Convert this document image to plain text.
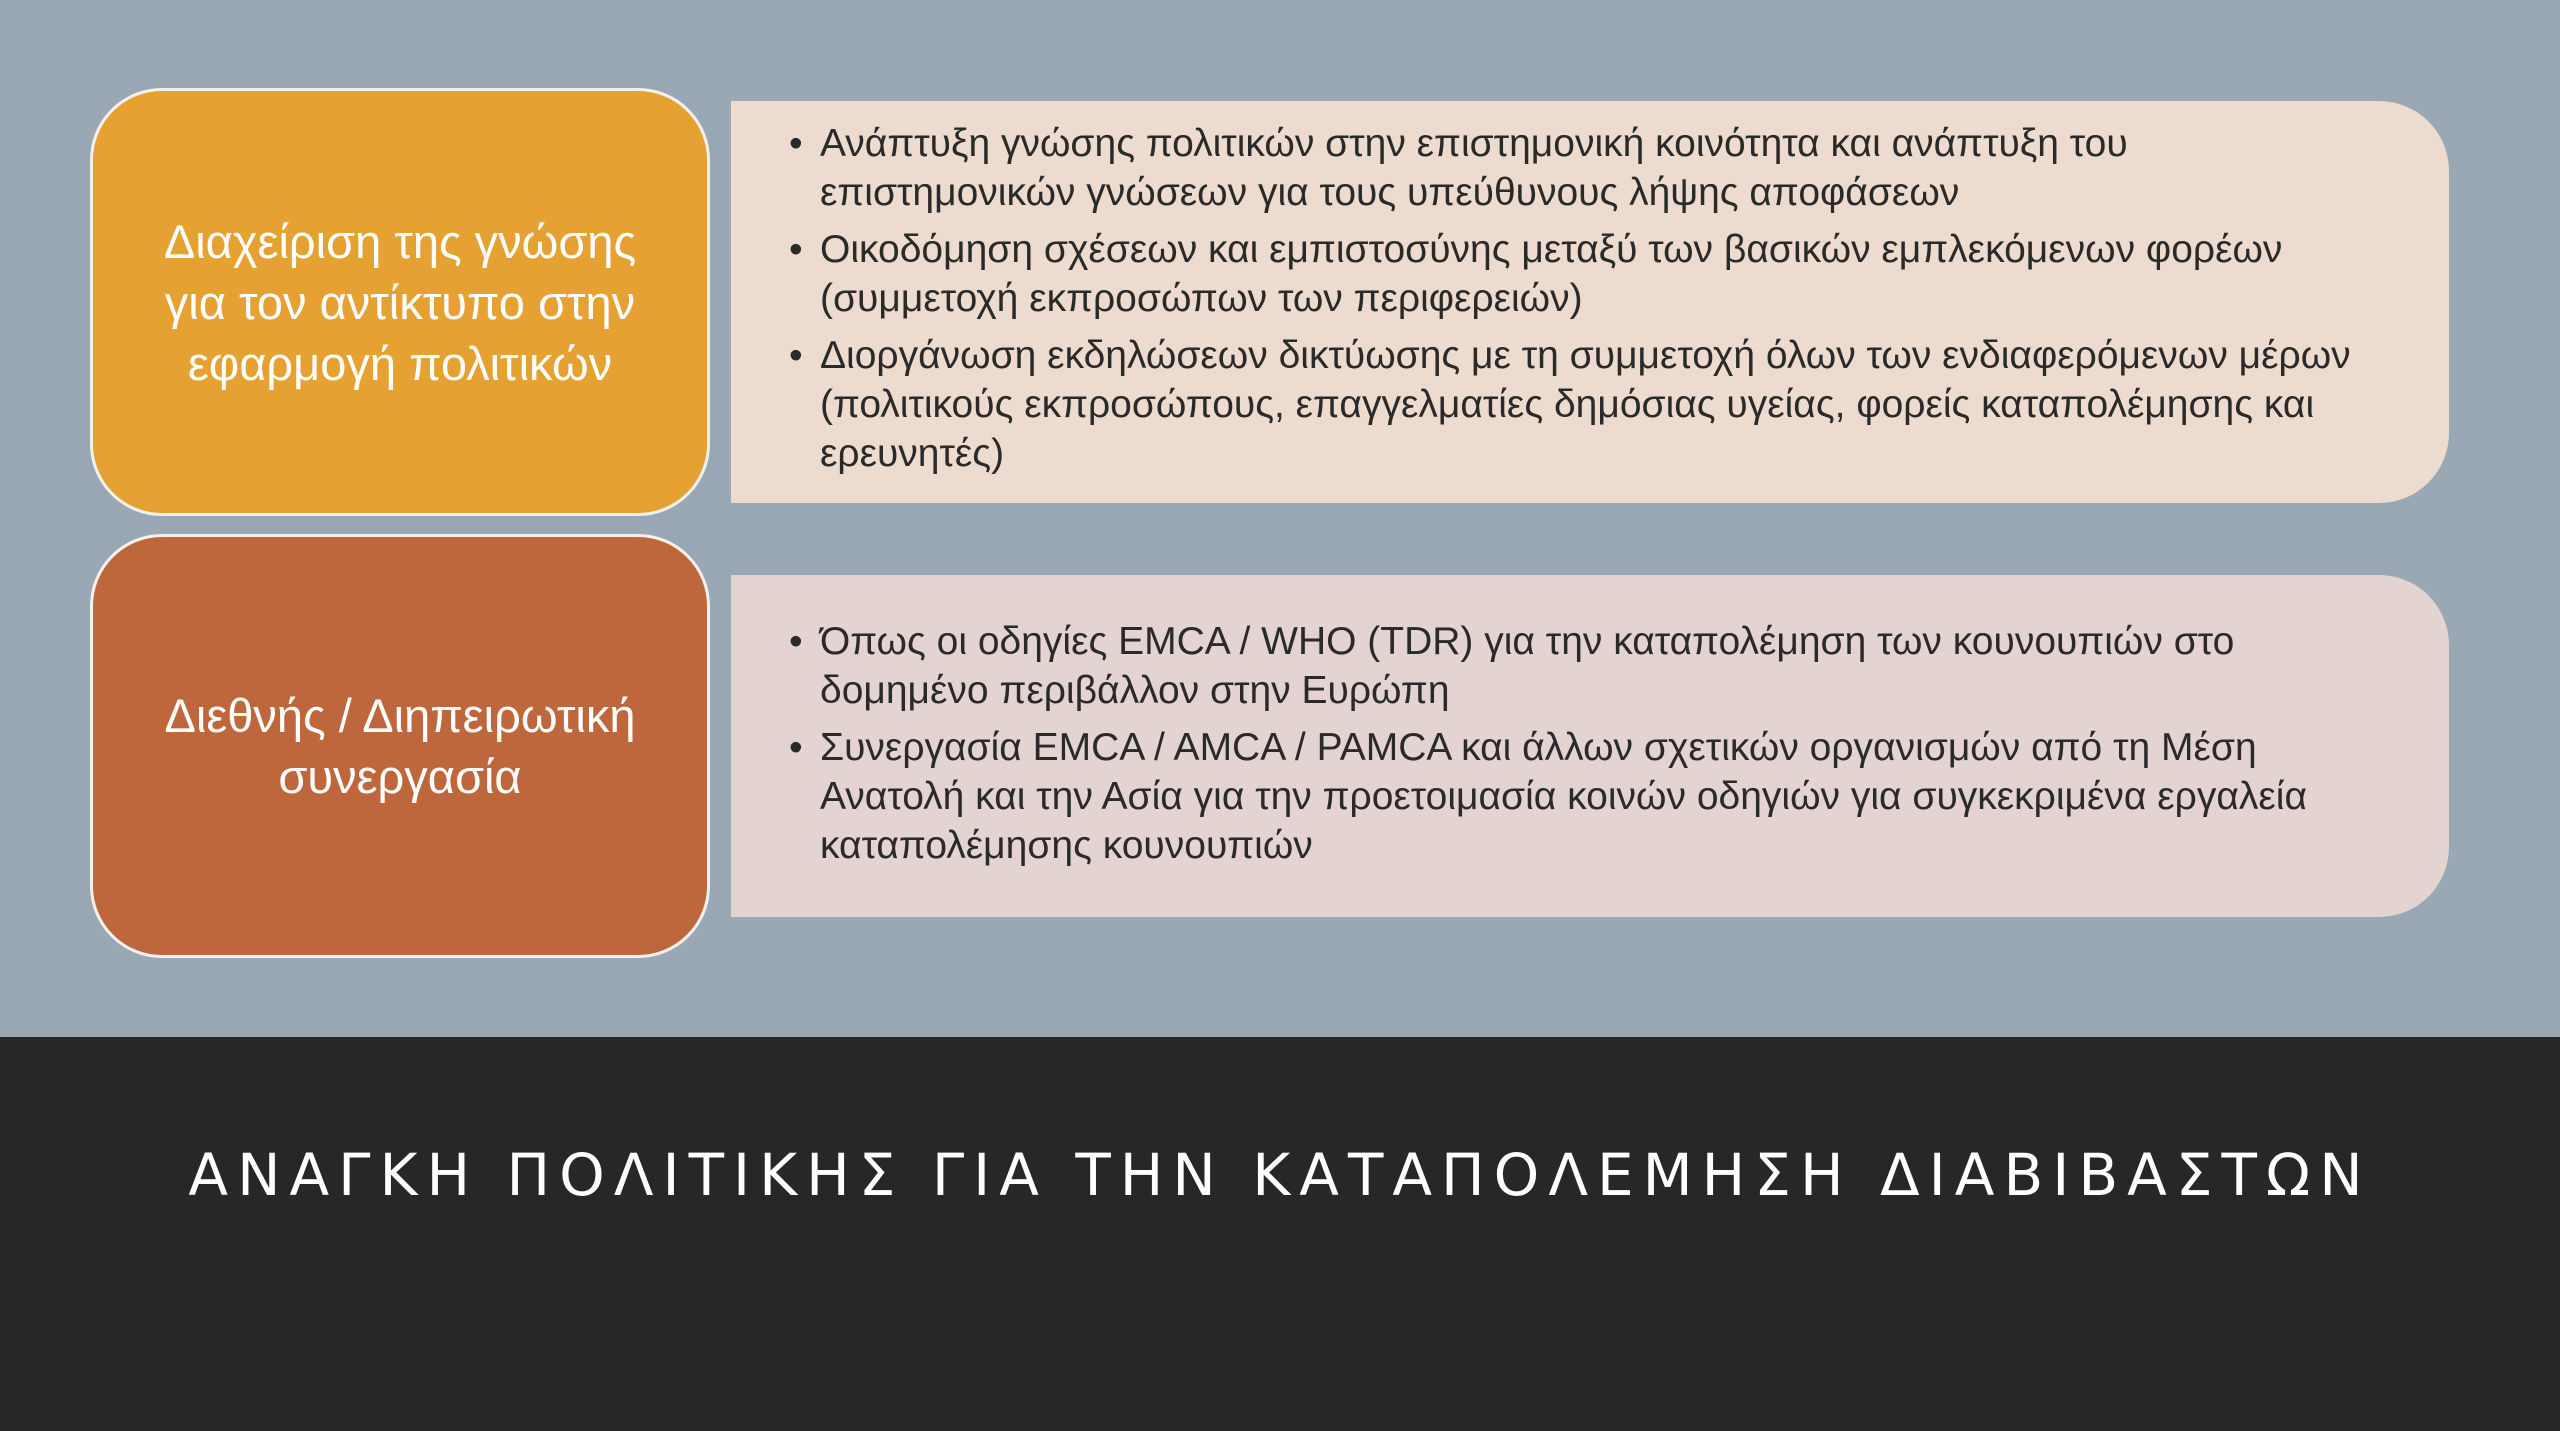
Διαχείριση της γνώσης για τον αντίκτυπο στην εφαρμογή πολιτικών
• Ανάπτυξη γνώσης πολιτικών στην επιστημονική κοινότητα και ανάπτυξη του επιστημονικών γνώσεων για τους υπεύθυνους λήψης αποφάσεων
• Οικοδόμηση σχέσεων και εμπιστοσύνης μεταξύ των βασικών εμπλεκόμενων φορέων (συμμετοχή εκπροσώπων των περιφερειών)
• Διοργάνωση εκδηλώσεων δικτύωσης με τη συμμετοχή όλων των ενδιαφερόμενων μέρων (πολιτικούς εκπροσώπους, επαγγελματίες δημόσιας υγείας, φορείς καταπολέμησης και ερευνητές)
Διεθνής / Διηπειρωτική συνεργασία
• Όπως οι οδηγίες EMCA / WHO (TDR) για την καταπολέμηση των κουνουπιών στο δομημένο περιβάλλον στην Ευρώπη
• Συνεργασία EMCA / AMCA / PAMCA και άλλων σχετικών οργανισμών από τη Μέση Ανατολή και την Ασία για την προετοιμασία κοινών οδηγιών για συγκεκριμένα εργαλεία καταπολέμησης κουνουπιών
ΑΝΑΓΚΗ ΠΟΛΙΤΙΚΗΣ ΓΙΑ ΤΗΝ ΚΑΤΑΠΟΛΕΜΗΣΗ ΔΙΑΒΙΒΑΣΤΩΝ
